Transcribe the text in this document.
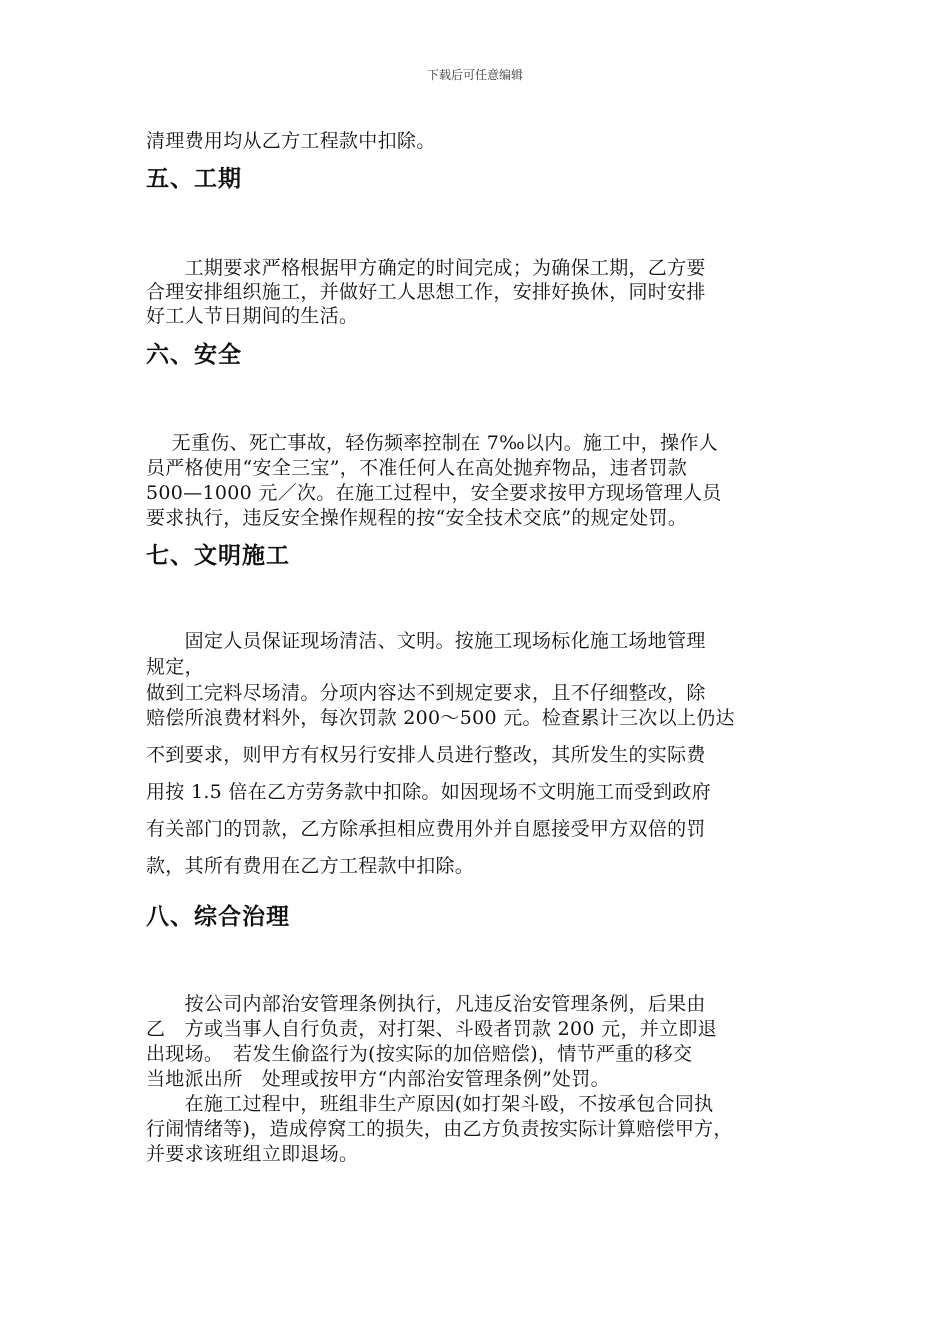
下载后可任意编辑
清理费用均从乙方工程款中扣除。
五、工期
　　工期要求严格根据甲方确定的时间完成；为确保工期，乙方要
合理安排组织施工，并做好工人思想工作，安排好换休，同时安排
好工人节日期间的生活。
六、安全
　 无重伤、死亡事故，轻伤频率控制在 7‰以内。施工中，操作人
员严格使用“安全三宝”，不准任何人在高处抛弃物品，违者罚款
500—1000 元／次。在施工过程中，安全要求按甲方现场管理人员
要求执行，违反安全操作规程的按“安全技术交底”的规定处罚。
七、文明施工
　　固定人员保证现场清洁、文明。按施工现场标化施工场地管理
规定，
做到工完料尽场清。分项内容达不到规定要求，且不仔细整改，除
赔偿所浪费材料外，每次罚款 200～500 元。检查累计三次以上仍达
不到要求，则甲方有权另行安排人员进行整改，其所发生的实际费
用按 1.5 倍在乙方劳务款中扣除。如因现场不文明施工而受到政府
有关部门的罚款，乙方除承担相应费用外并自愿接受甲方双倍的罚
款，其所有费用在乙方工程款中扣除。
八、综合治理
　　按公司内部治安管理条例执行，凡违反治安管理条例，后果由
乙　方或当事人自行负责，对打架、斗殴者罚款 200 元，并立即退
出现场。　若发生偷盗行为(按实际的加倍赔偿)，情节严重的移交
当地派出所　处理或按甲方“内部治安管理条例”处罚。
　　在施工过程中，班组非生产原因(如打架斗殴，不按承包合同执
行闹情绪等)，造成停窝工的损失，由乙方负责按实际计算赔偿甲方，
并要求该班组立即退场。
